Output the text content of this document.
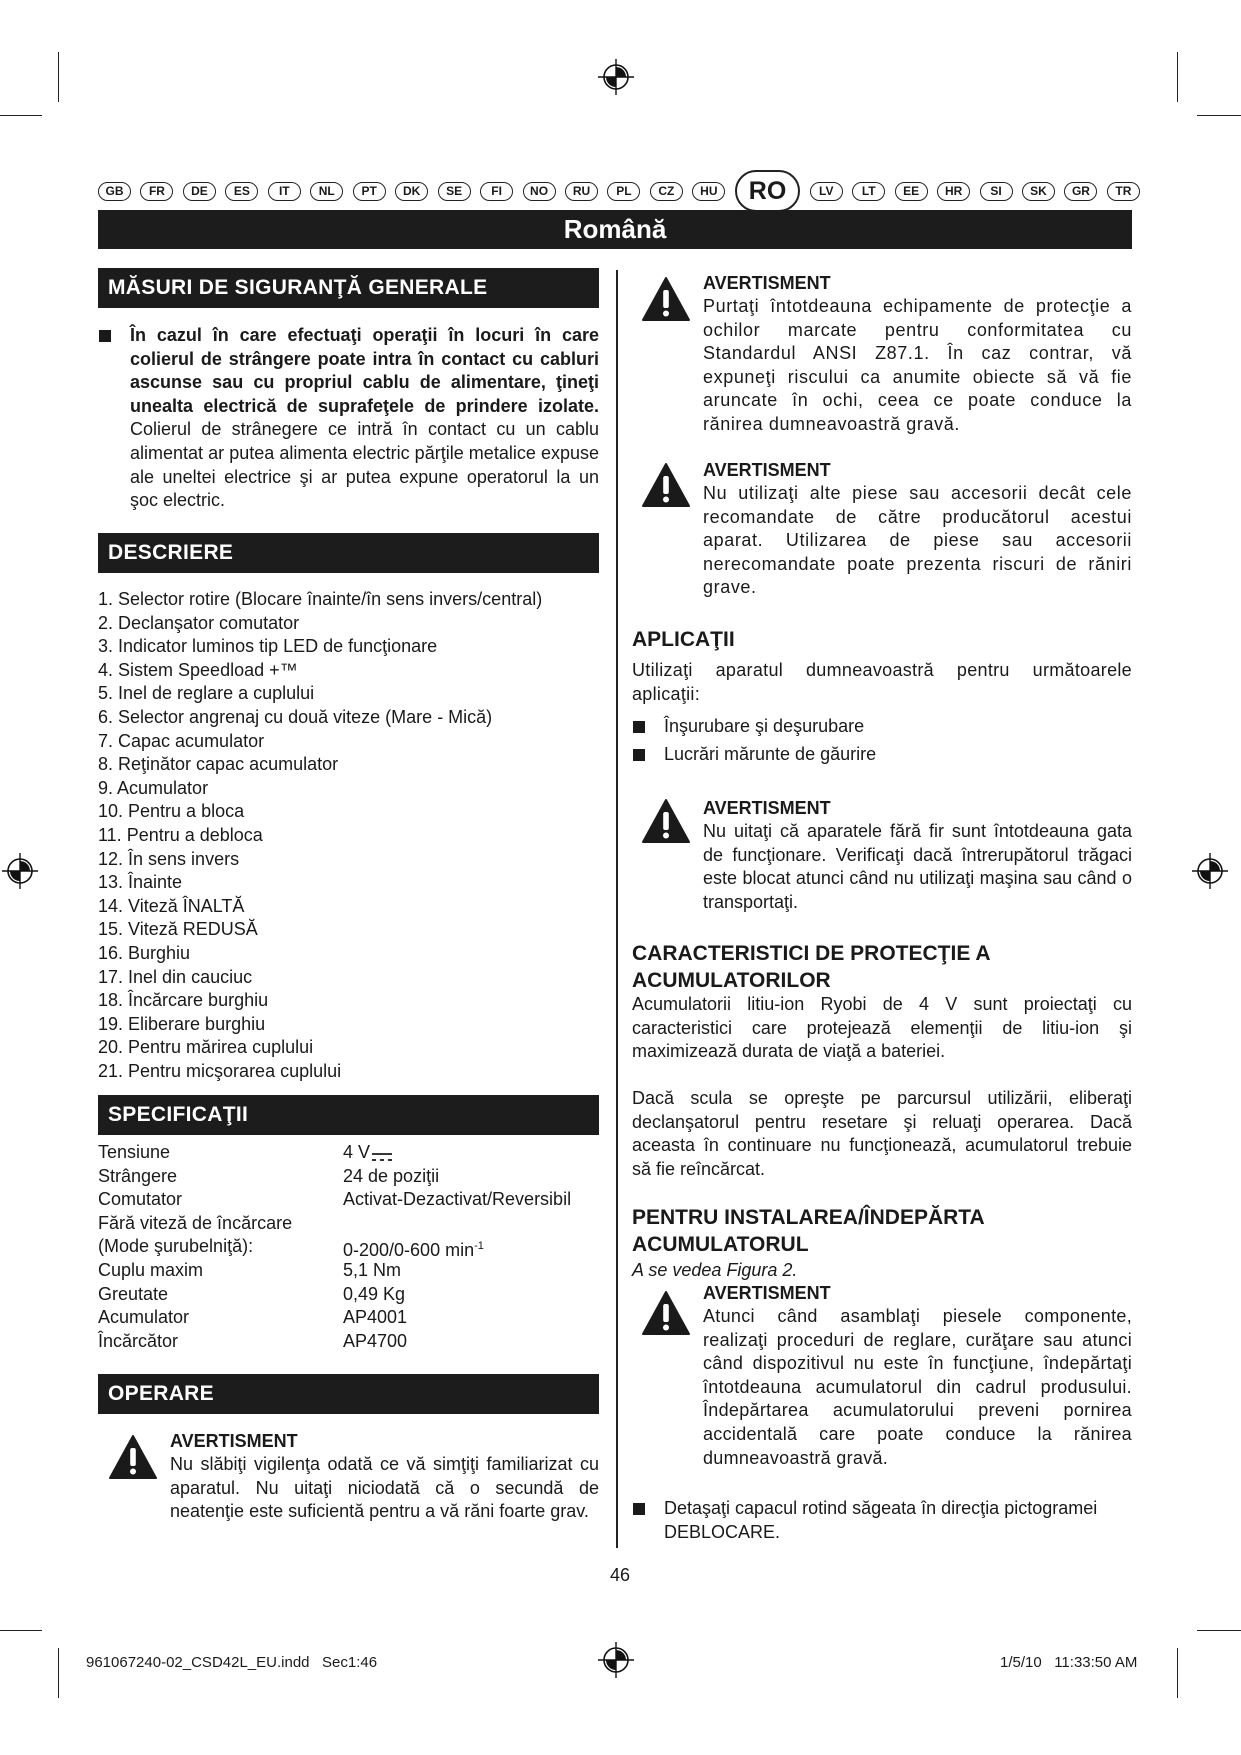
GB	FR	DE	ES	IT	NL	PT	DK	SE	FI	NO	RU	PL	CZ	HU	RO	LV	LT	EE	HR	SI	SK	GR	TR
Română
MĂSURI DE SIGURANŢĂ GENERALE
În cazul în care efectuaţi operaţii în locuri în care colierul de strângere poate intra în contact cu cabluri ascunse sau cu propriul cablu de alimentare, ţineţi unealta electrică de suprafeţele de prindere izolate. Colierul de strânegere ce intră în contact cu un cablu alimentat ar putea alimenta electric părţile metalice expuse ale uneltei electrice şi ar putea expune operatorul la un şoc electric.
DESCRIERE
1. Selector rotire (Blocare înainte/în sens invers/central)
2. Declanşator comutator
3. Indicator luminos tip LED de funcţionare
4. Sistem Speedload +™
5. Inel de reglare a cuplului
6. Selector angrenaj cu două viteze (Mare - Mică)
7. Capac acumulator
8. Reţinător capac acumulator
9. Acumulator
10. Pentru a bloca
11. Pentru a debloca
12. În sens invers
13. Înainte
14. Viteză ÎNALTĂ
15. Viteză REDUSĂ
16. Burghiu
17. Inel din cauciuc
18. Încărcare burghiu
19. Eliberare burghiu
20. Pentru mărirea cuplului
21. Pentru micşorarea cuplului
SPECIFICAŢII
Tensiune	4 V
Strângere	24 de poziţii
Comutator	Activat-Dezactivat/Reversibil
Fără viteză de încărcare
(Mode şurubelniţă):	0-200/0-600 $\min^{-1}$
Cuplu maxim	5,1 Nm
Greutate	0,49 Kg
Acumulator	AP4001
Încărcător	AP4700
OPERARE
AVERTISMENT
Nu slăbiţi vigilenţa odată ce vă simţiţi familiarizat cu aparatul. Nu uitaţi niciodată că o secundă de neatenţie este suficientă pentru a vă răni foarte grav.
AVERTISMENT
Purtaţi întotdeauna echipamente de protecţie a ochilor marcate pentru conformitatea cu Standardul ANSI Z87.1. În caz contrar, vă expuneţi riscului ca anumite obiecte să vă fie aruncate în ochi, ceea ce poate conduce la rănirea dumneavoastră gravă.
AVERTISMENT
Nu utilizaţi alte piese sau accesorii decât cele recomandate de către producătorul acestui aparat. Utilizarea de piese sau accesorii nerecomandate poate prezenta riscuri de răniri grave.
APLICAŢII
Utilizaţi aparatul dumneavoastră pentru următoarele aplicaţii:
Înşurubare şi deşurubare
Lucrări mărunte de găurire
AVERTISMENT
Nu uitaţi că aparatele fără fir sunt întotdeauna gata de funcţionare. Verificaţi dacă întrerupătorul trăgaci este blocat atunci când nu utilizaţi maşina sau când o transportaţi.
CARACTERISTICI DE PROTECŢIE A ACUMULATORILOR
Acumulatorii litiu-ion Ryobi de 4 V sunt proiectaţi cu caracteristici care protejează elemenţii de litiu-ion şi maximizează durata de viaţă a bateriei.
Dacă scula se opreşte pe parcursul utilizării, eliberaţi declanşatorul pentru resetare şi reluaţi operarea. Dacă aceasta în continuare nu funcţionează, acumulatorul trebuie să fie reîncărcat.
PENTRU INSTALAREA/ÎNDEPĂRTA ACUMULATORUL
A se vedea Figura 2.
AVERTISMENT
Atunci când asamblaţi piesele componente, realizaţi proceduri de reglare, curăţare sau atunci când dispozitivul nu este în funcţiune, îndepărtaţi întotdeauna acumulatorul din cadrul produsului. Îndepărtarea acumulatorului preveni pornirea accidentală care poate conduce la rănirea dumneavoastră gravă.
Detaşaţi capacul rotind săgeata în direcţia pictogramei DEBLOCARE.
46
961067240-02_CSD42L_EU.indd   Sec1:46	1/5/10   11:33:50 AM
